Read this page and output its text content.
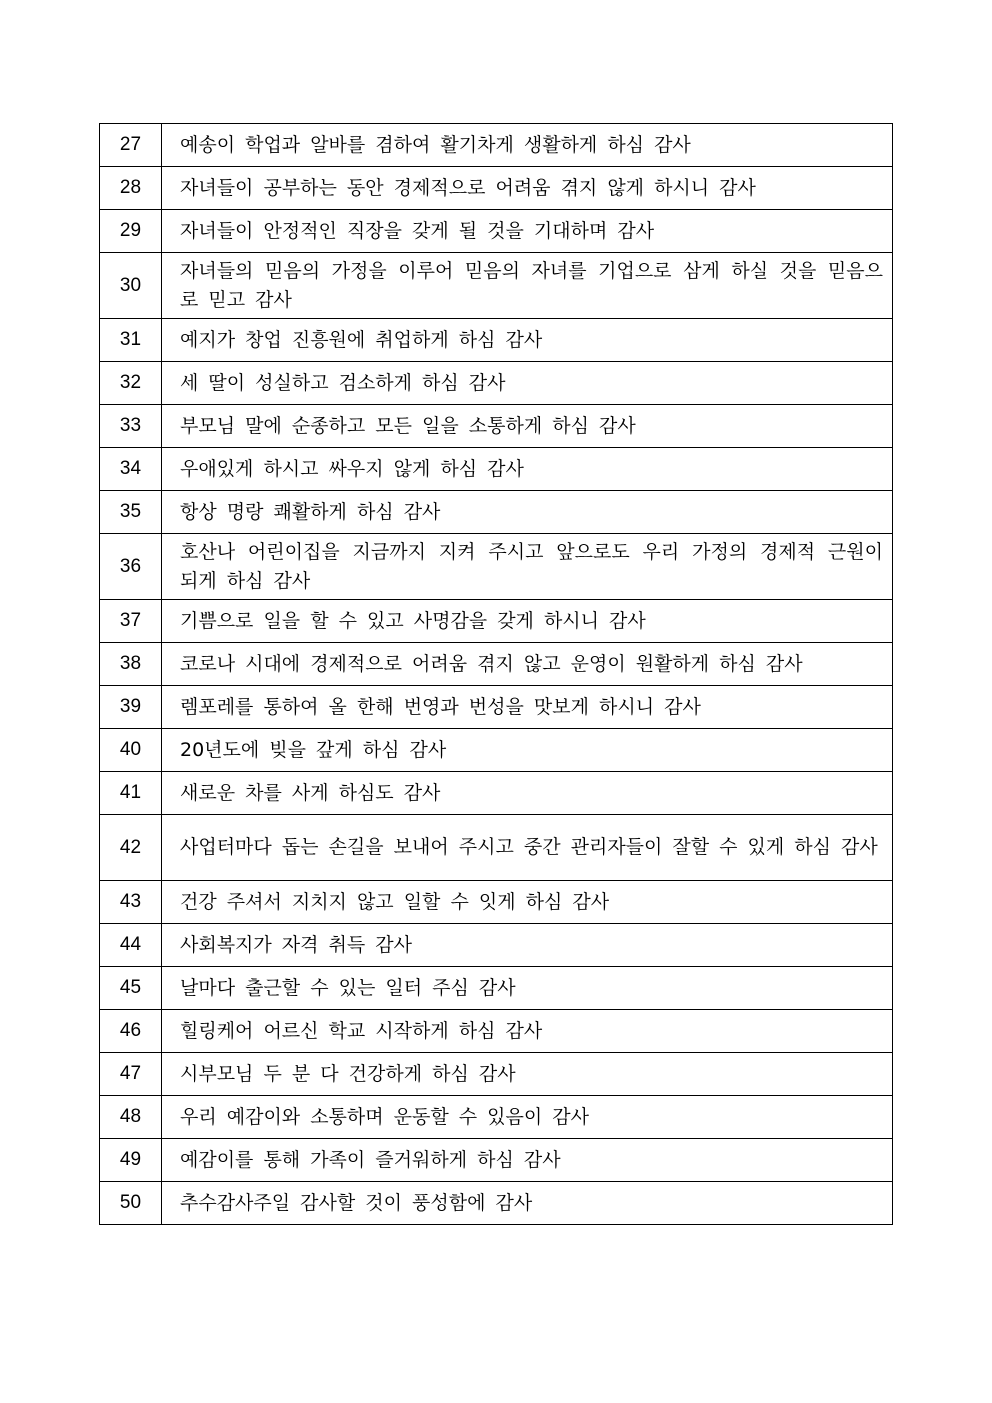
27	예송이 학업과 알바를 겸하여 활기차게 생활하게 하심 감사
28	자녀들이 공부하는 동안 경제적으로 어려움 겪지 않게 하시니 감사
29	자녀들이 안정적인 직장을 갖게 될 것을 기대하며 감사
30	자녀들의 믿음의 가정을 이루어 믿음의 자녀를 기업으로 삼게 하실 것을 믿음으로 믿고 감사
31	예지가 창업 진흥원에 취업하게 하심 감사
32	세 딸이 성실하고 검소하게 하심 감사
33	부모님 말에 순종하고 모든 일을 소통하게 하심 감사
34	우애있게 하시고 싸우지 않게 하심 감사
35	항상 명랑 쾌활하게 하심 감사
36	호산나 어린이집을 지금까지 지켜 주시고 앞으로도 우리 가정의 경제적 근원이 되게 하심 감사
37	기쁨으로 일을 할 수 있고 사명감을 갖게 하시니 감사
38	코로나 시대에 경제적으로 어려움 겪지 않고 운영이 원활하게 하심 감사
39	렘포레를 통하여 올 한해 번영과 번성을 맛보게 하시니 감사
40	20년도에 빚을 갚게 하심 감사
41	새로운 차를 사게 하심도 감사
42	사업터마다 돕는 손길을 보내어 주시고 중간 관리자들이 잘할 수 있게 하심 감사
43	건강 주셔서 지치지 않고 일할 수 잇게 하심 감사
44	사회복지가 자격 취득 감사
45	날마다 출근할 수 있는 일터 주심 감사
46	힐링케어 어르신 학교 시작하게 하심 감사
47	시부모님 두 분 다 건강하게 하심 감사
48	우리 예감이와 소통하며 운동할 수 있음이 감사
49	예감이를 통해 가족이 즐거워하게 하심 감사
50	추수감사주일 감사할 것이 풍성함에 감사
